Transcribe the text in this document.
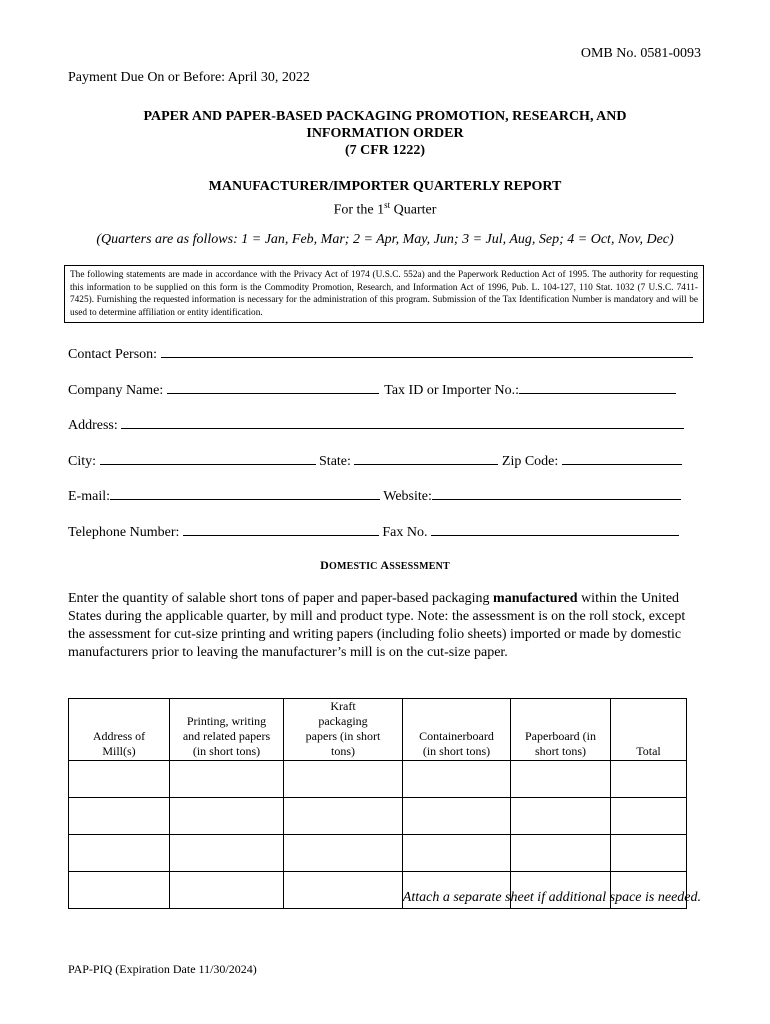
OMB No. 0581-0093
Payment Due On or Before: April 30, 2022
PAPER AND PAPER-BASED PACKAGING PROMOTION, RESEARCH, AND
INFORMATION ORDER
(7 CFR 1222)
MANUFACTURER/IMPORTER QUARTERLY REPORT
For the 1st Quarter
(Quarters are as follows: 1 = Jan, Feb, Mar; 2 = Apr, May, Jun; 3 = Jul, Aug, Sep; 4 = Oct, Nov, Dec)
The following statements are made in accordance with the Privacy Act of 1974 (U.S.C. 552a) and the Paperwork Reduction Act of 1995. The authority for requesting this information to be supplied on this form is the Commodity Promotion, Research, and Information Act of 1996, Pub. L. 104-127, 110 Stat. 1032 (7 U.S.C. 7411-7425). Furnishing the requested information is necessary for the administration of this program. Submission of the Tax Identification Number is mandatory and will be used to determine affiliation or entity identification.
Contact Person:
Company Name:	Tax ID or Importer No.:
Address:
City:	State:	Zip Code:
E-mail:	Website:
Telephone Number:	Fax No.
DOMESTIC ASSESSMENT
Enter the quantity of salable short tons of paper and paper-based packaging manufactured within the United States during the applicable quarter, by mill and product type. Note: the assessment is on the roll stock, except the assessment for cut-size printing and writing papers (including folio sheets) imported or made by domestic manufacturers prior to leaving the manufacturer’s mill is on the cut-size paper.
Address of Mill(s)	Printing, writing and related papers (in short tons)	Kraft packaging papers (in short tons)	Containerboard (in short tons)	Paperboard (in short tons)	Total

Attach a separate sheet if additional space is needed.
PAP-PIQ (Expiration Date 11/30/2024)
